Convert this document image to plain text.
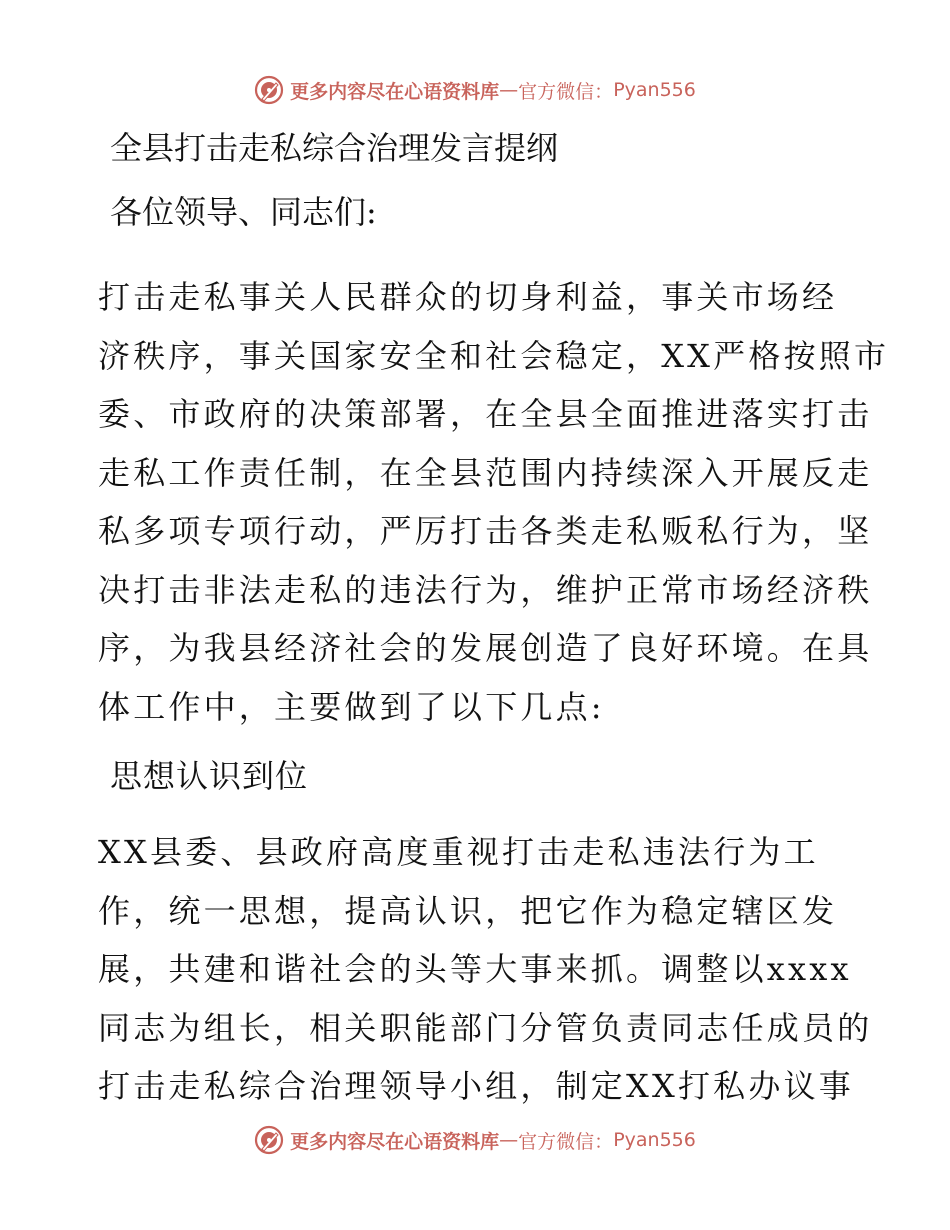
更多内容尽在心语资料库 — 官方微信： Pyan556
全县打击走私综合治理发言提纲
各位领导、同志们:

打击走私事关人民群众的切身利益，事关市场经
济秩序，事关国家安全和社会稳定，XX严格按照市
委、市政府的决策部署，在全县全面推进落实打击
走私工作责任制，在全县范围内持续深入开展反走
私多项专项行动，严厉打击各类走私贩私行为，坚
决打击非法走私的违法行为，维护正常市场经济秩
序，为我县经济社会的发展创造了良好环境。在具
体工作中，主要做到了以下几点:

思想认识到位

XX县委、县政府高度重视打击走私违法行为工
作，统一思想，提高认识，把它作为稳定辖区发
展，共建和谐社会的头等大事来抓。调整以xxxx
同志为组长，相关职能部门分管负责同志任成员的
打击走私综合治理领导小组，制定XX打私办议事

更多内容尽在心语资料库 — 官方微信： Pyan556
